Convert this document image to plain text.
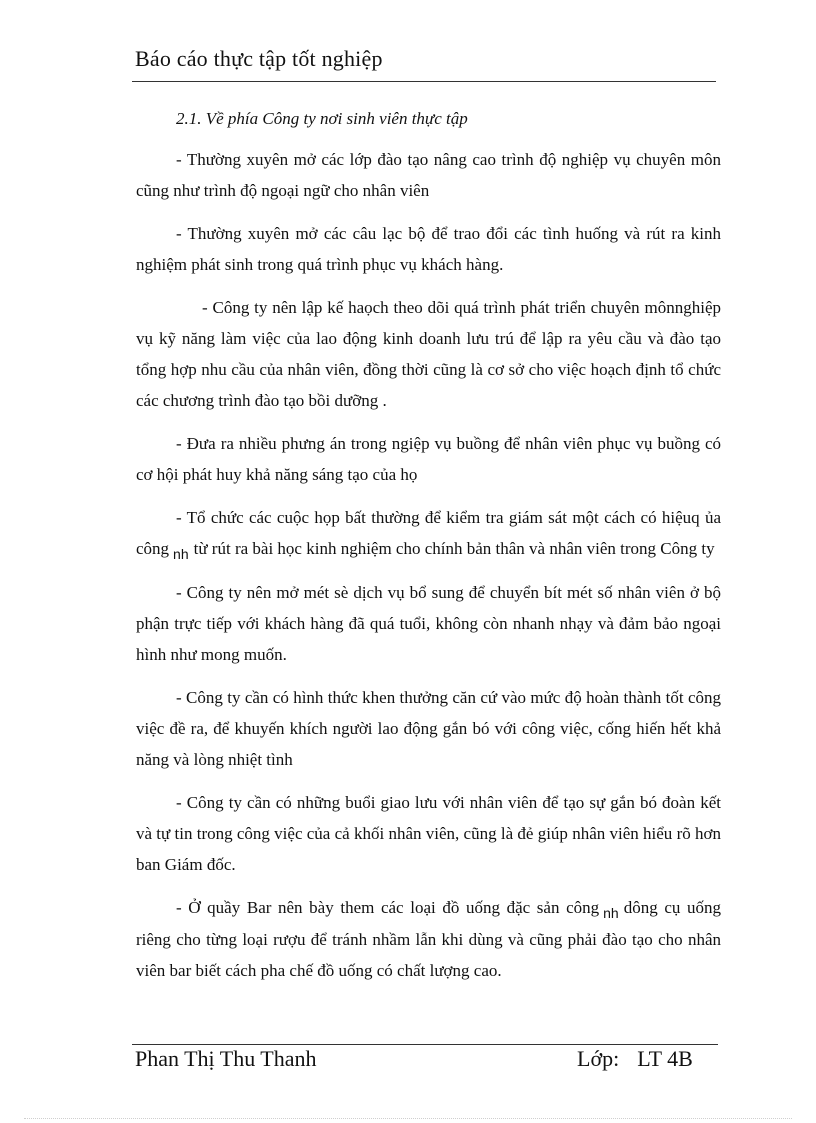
Báo cáo thực tập tốt nghiệp

2.1. Về phía Công ty nơi sinh viên thực tập

- Thường xuyên mở các lớp đào tạo nâng cao trình độ nghiệp vụ chuyên môn cũng như trình độ ngoại ngữ cho nhân viên

- Thường xuyên mở các câu lạc bộ để trao đổi các tình huống và rút ra kinh nghiệm phát sinh trong quá trình phục vụ khách hàng.

- Công ty nên lập kế haọch theo dõi quá trình phát triển chuyên mônnghiệp vụ kỹ năng làm việc của lao động kinh doanh lưu trú để lập ra yêu cầu và đào tạo tổng hợp nhu cầu của nhân viên, đồng thời cũng là cơ sở cho việc hoạch định tổ chức các chương trình đào tạo bồi dưỡng .

- Đưa ra nhiều phưng án trong ngiệp vụ buồng để nhân viên phục vụ buồng có cơ hội phát huy khả năng sáng tạo của họ

- Tổ chức các cuộc họp bất thường để kiểm tra giám sát một cách có hiệuq ủa công $_{nh}$ từ rút ra bài học kinh nghiệm cho chính bản thân và nhân viên trong Công ty

- Công ty nên mở mét sè dịch vụ bổ sung để chuyển bít mét số nhân viên ở bộ phận trực tiếp với khách hàng đã quá tuổi, không còn nhanh nhạy và đảm bảo ngoại hình như mong muốn.

- Công ty cần có hình thức khen thưởng căn cứ vào mức độ hoàn thành tốt công việc đề ra, để khuyến khích người lao động gắn bó với công việc, cống hiến hết khả năng và lòng nhiệt tình

- Công ty cần có những buổi giao lưu với nhân viên để tạo sự gắn bó đoàn kết và tự tin trong công việc của cả khối nhân viên, cũng là đẻ giúp nhân viên hiểu rõ hơn ban Giám đốc.

- Ở quầy Bar nên bày them các loại đồ uống đặc sản công $_{nh}$ dông cụ uống riêng cho từng loại rượu để tránh nhầm lẫn khi dùng và cũng phải đào tạo cho nhân viên bar biết cách pha chế đồ uống có chất lượng cao.

Phan Thị Thu Thanh	Lớp: LT 4B
